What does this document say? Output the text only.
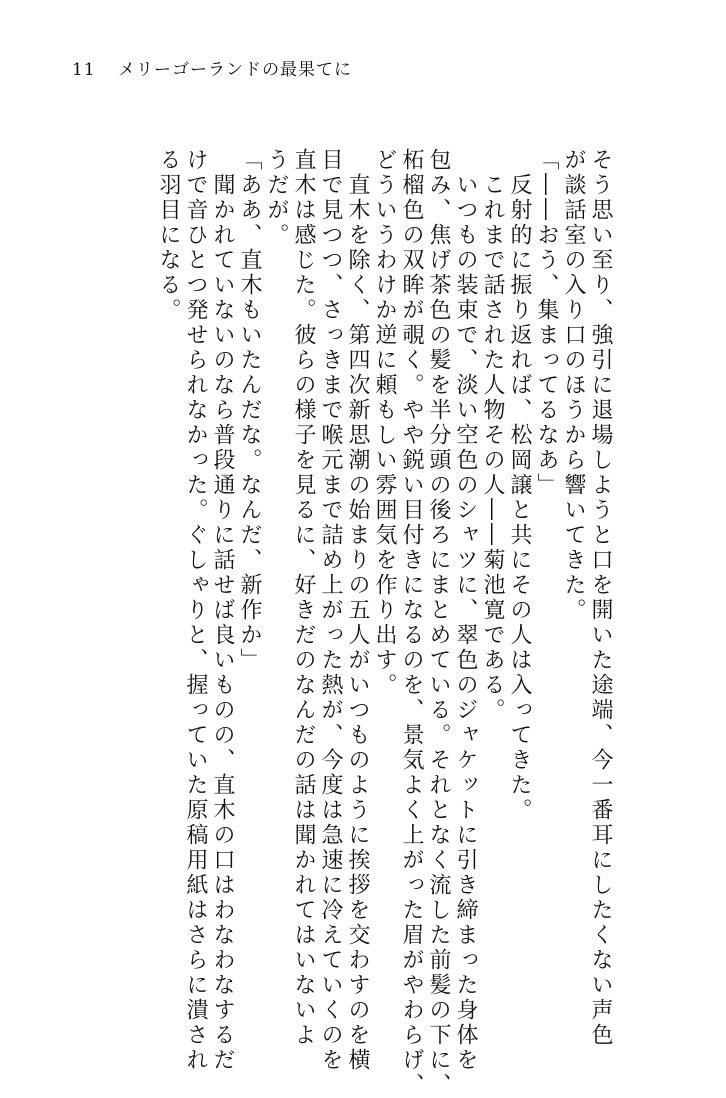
11 メリーゴーランドの最果てに

そう思い至り、強引に退場しようと口を開いた途端、今一番耳にしたくない声色

が談話室の入り口のほうから響いてきた。

「――おう、集まってるなあ」

　反射的に振り返れば、松岡譲と共にその人は入ってきた。

　これまで話された人物その人――菊池寛である。

　いつもの装束で、淡い空色のシャツに、翠色のジャケットに引き締まった身体を

包み、焦げ茶色の髪を半分頭の後ろにまとめている。それとなく流した前髪の下に、

柘榴色の双眸が覗く。やや鋭い目付きになるのを、景気よく上がった眉がやわらげ、

どういうわけか逆に頼もしい雰囲気を作り出す。

　直木を除く、第四次新思潮の始まりの五人がいつものように挨拶を交わすのを横

目で見つつ、さっきまで喉元まで詰め上がった熱が、今度は急速に冷えていくのを

直木は感じた。彼らの様子を見るに、好きだのなんだの話は聞かれてはいないよ

うだが。

「ああ、直木もいたんだな。なんだ、新作か」

　聞かれていないのなら普段通りに話せば良いものの、直木の口はわなわなするだ

けで音ひとつ発せられなかった。ぐしゃりと、握っていた原稿用紙はさらに潰され

る羽目になる。
